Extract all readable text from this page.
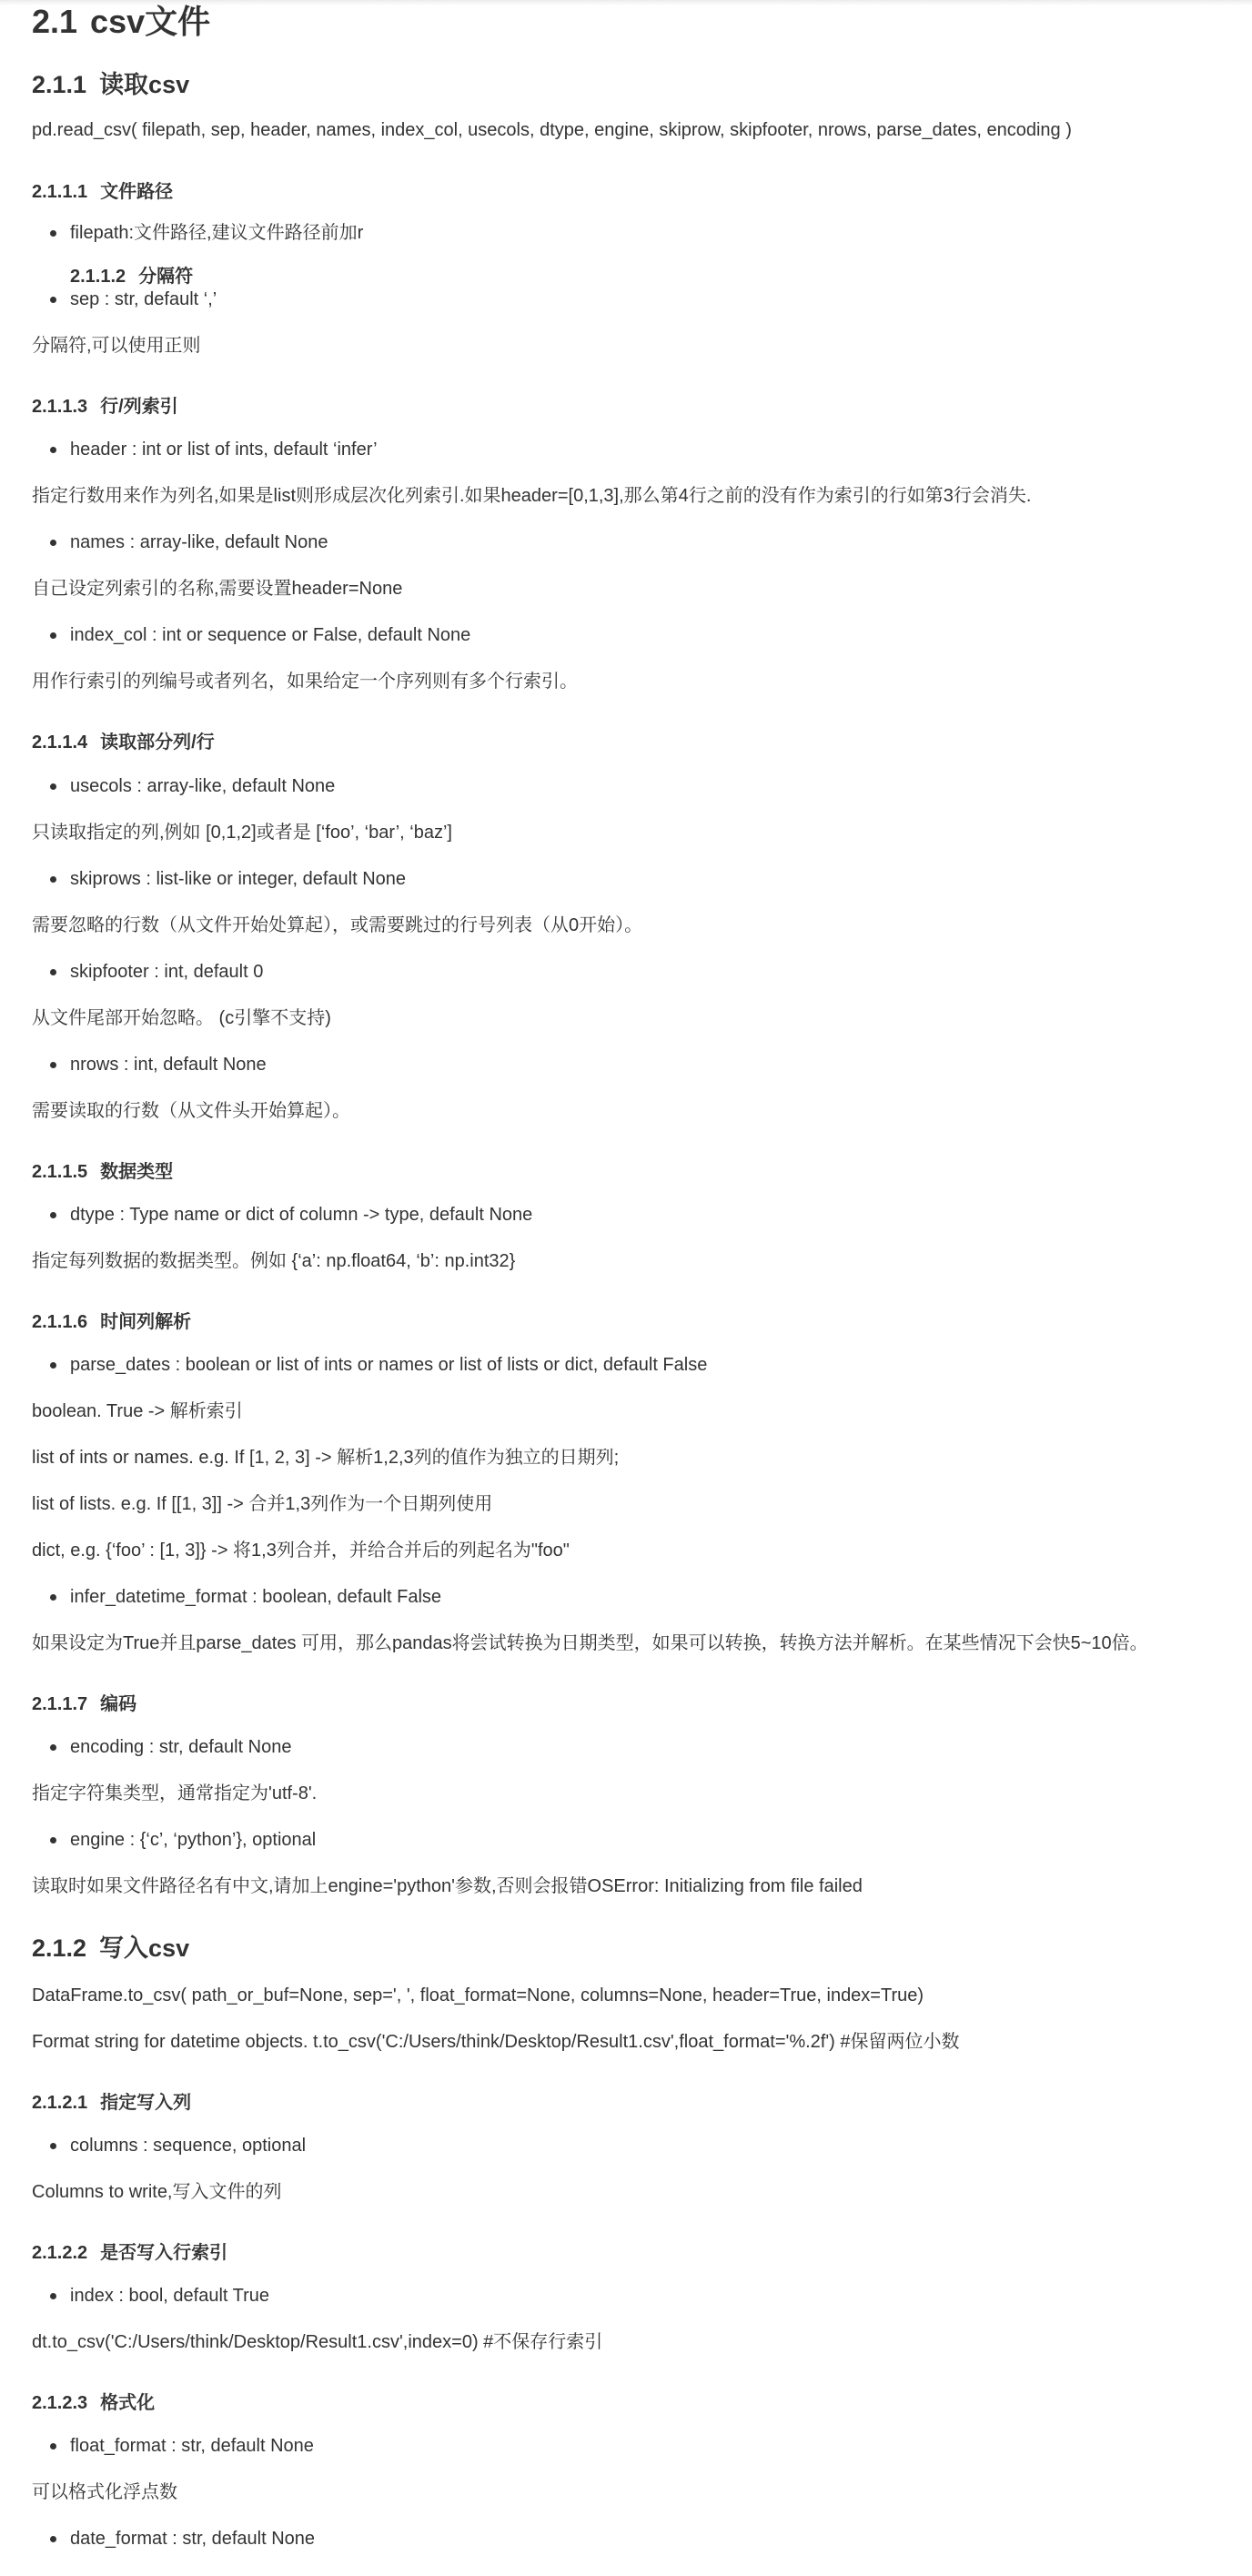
2.1 csv文件
2.1.1 读取csv
pd.read_csv( filepath, sep, header, names, index_col, usecols, dtype, engine, skiprow, skipfooter, nrows, parse_dates, encoding )
2.1.1.1 文件路径
filepath:文件路径,建议文件路径前加r
2.1.1.2 分隔符
sep : str, default ‘,’
分隔符,可以使用正则
2.1.1.3 行/列索引
header : int or list of ints, default ‘infer’
指定行数用来作为列名,如果是list则形成层次化列索引.如果header=[0,1,3],那么第4行之前的没有作为索引的行如第3行会消失.
names : array-like, default None
自己设定列索引的名称,需要设置header=None
index_col : int or sequence or False, default None
用作行索引的列编号或者列名，如果给定一个序列则有多个行索引。
2.1.1.4 读取部分列/行
usecols : array-like, default None
只读取指定的列,例如 [0,1,2]或者是 [‘foo’, ‘bar’, ‘baz’]
skiprows : list-like or integer, default None
需要忽略的行数（从文件开始处算起），或需要跳过的行号列表（从0开始）。
skipfooter : int, default 0
从文件尾部开始忽略。 (c引擎不支持)
nrows : int, default None
需要读取的行数（从文件头开始算起）。
2.1.1.5 数据类型
dtype : Type name or dict of column -> type, default None
指定每列数据的数据类型。例如 {‘a’: np.float64, ‘b’: np.int32}
2.1.1.6 时间列解析
parse_dates : boolean or list of ints or names or list of lists or dict, default False
boolean. True -> 解析索引
list of ints or names. e.g. If [1, 2, 3] -> 解析1,2,3列的值作为独立的日期列;
list of lists. e.g. If [[1, 3]] -> 合并1,3列作为一个日期列使用
dict, e.g. {‘foo’ : [1, 3]} -> 将1,3列合并，并给合并后的列起名为"foo"
infer_datetime_format : boolean, default False
如果设定为True并且parse_dates 可用，那么pandas将尝试转换为日期类型，如果可以转换，转换方法并解析。在某些情况下会快5~10倍。
2.1.1.7 编码
encoding : str, default None
指定字符集类型，通常指定为'utf-8'.
engine : {‘c’, ‘python’}, optional
读取时如果文件路径名有中文,请加上engine='python'参数,否则会报错OSError: Initializing from file failed
2.1.2 写入csv
DataFrame.to_csv( path_or_buf=None, sep=', ', float_format=None, columns=None, header=True, index=True)
Format string for datetime objects. t.to_csv('C:/Users/think/Desktop/Result1.csv',float_format='%.2f') #保留两位小数
2.1.2.1 指定写入列
columns : sequence, optional
Columns to write,写入文件的列
2.1.2.2 是否写入行索引
index : bool, default True
dt.to_csv('C:/Users/think/Desktop/Result1.csv',index=0) #不保存行索引
2.1.2.3 格式化
float_format : str, default None
可以格式化浮点数
date_format : str, default None
